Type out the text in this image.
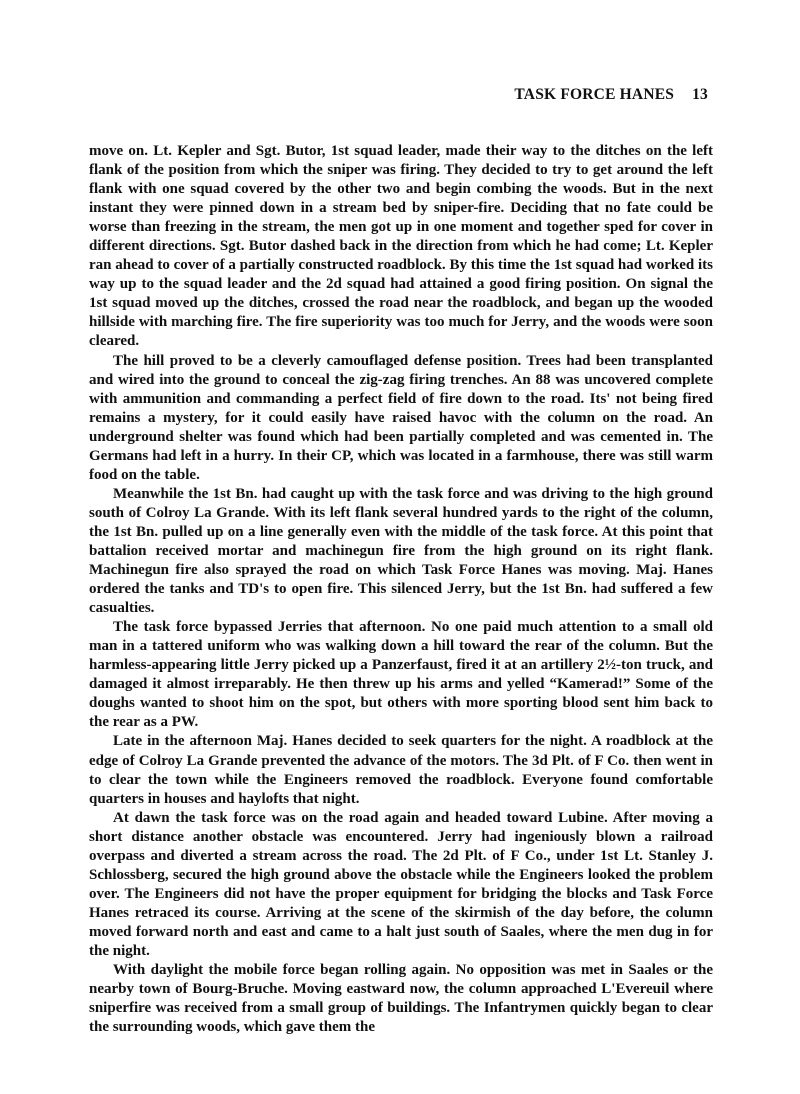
TASK FORCE HANES 13

move on. Lt. Kepler and Sgt. Butor, 1st squad leader, made their way to the ditches on the left flank of the position from which the sniper was firing. They decided to try to get around the left flank with one squad covered by the other two and begin combing the woods. But in the next instant they were pinned down in a stream bed by sniper-fire. Deciding that no fate could be worse than freezing in the stream, the men got up in one moment and together sped for cover in different directions. Sgt. Butor dashed back in the direction from which he had come; Lt. Kepler ran ahead to cover of a partially constructed roadblock. By this time the 1st squad had worked its way up to the squad leader and the 2d squad had attained a good firing position. On signal the 1st squad moved up the ditches, crossed the road near the roadblock, and began up the wooded hillside with marching fire. The fire superiority was too much for Jerry, and the woods were soon cleared.

The hill proved to be a cleverly camouflaged defense position. Trees had been transplanted and wired into the ground to conceal the zig-zag firing trenches. An 88 was uncovered complete with ammunition and commanding a perfect field of fire down to the road. Its' not being fired remains a mystery, for it could easily have raised havoc with the column on the road. An underground shelter was found which had been partially completed and was cemented in. The Germans had left in a hurry. In their CP, which was located in a farmhouse, there was still warm food on the table.

Meanwhile the 1st Bn. had caught up with the task force and was driving to the high ground south of Colroy La Grande. With its left flank several hundred yards to the right of the column, the 1st Bn. pulled up on a line generally even with the middle of the task force. At this point that battalion received mortar and machinegun fire from the high ground on its right flank. Machinegun fire also sprayed the road on which Task Force Hanes was moving. Maj. Hanes ordered the tanks and TD's to open fire. This silenced Jerry, but the 1st Bn. had suffered a few casualties.

The task force bypassed Jerries that afternoon. No one paid much attention to a small old man in a tattered uniform who was walking down a hill toward the rear of the column. But the harmless-appearing little Jerry picked up a Panzerfaust, fired it at an artillery 2½-ton truck, and damaged it almost irreparably. He then threw up his arms and yelled “Kamerad!” Some of the doughs wanted to shoot him on the spot, but others with more sporting blood sent him back to the rear as a PW.

Late in the afternoon Maj. Hanes decided to seek quarters for the night. A roadblock at the edge of Colroy La Grande prevented the advance of the motors. The 3d Plt. of F Co. then went in to clear the town while the Engineers removed the roadblock. Everyone found comfortable quarters in houses and haylofts that night.

At dawn the task force was on the road again and headed toward Lubine. After moving a short distance another obstacle was encountered. Jerry had ingeniously blown a railroad overpass and diverted a stream across the road. The 2d Plt. of F Co., under 1st Lt. Stanley J. Schlossberg, secured the high ground above the obstacle while the Engineers looked the problem over. The Engineers did not have the proper equipment for bridging the blocks and Task Force Hanes retraced its course. Arriving at the scene of the skirmish of the day before, the column moved forward north and east and came to a halt just south of Saales, where the men dug in for the night.

With daylight the mobile force began rolling again. No opposition was met in Saales or the nearby town of Bourg-Bruche. Moving eastward now, the column approached L'Evereuil where sniperfire was received from a small group of buildings. The Infantrymen quickly began to clear the surrounding woods, which gave them the
